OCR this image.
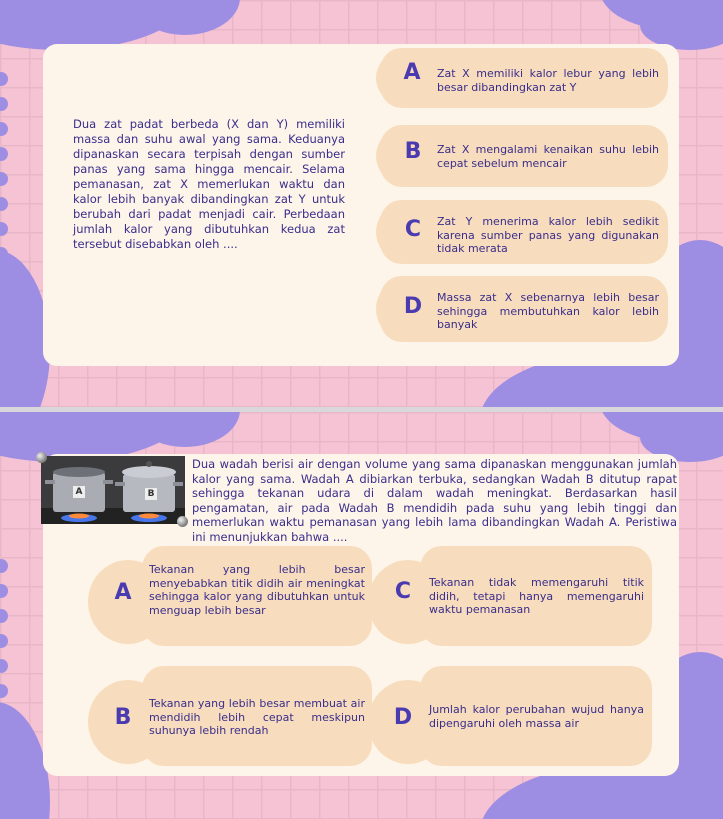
Dua zat padat berbeda (X dan Y) memiliki massa dan suhu awal yang sama. Keduanya dipanaskan secara terpisah dengan sumber panas yang sama hingga mencair. Selama pemanasan, zat X memerlukan waktu dan kalor lebih banyak dibandingkan zat Y untuk berubah dari padat menjadi cair. Perbedaan jumlah kalor yang dibutuhkan kedua zat tersebut disebabkan oleh ....
A	Zat X memiliki kalor lebur yang lebih besar dibandingkan zat Y
B	Zat X mengalami kenaikan suhu lebih cepat sebelum mencair
C	Zat Y menerima kalor lebih sedikit karena sumber panas yang digunakan tidak merata
D	Massa zat X sebenarnya lebih besar sehingga membutuhkan kalor lebih banyak
A	B
Dua wadah berisi air dengan volume yang sama dipanaskan menggunakan jumlah kalor yang sama. Wadah A dibiarkan terbuka, sedangkan Wadah B ditutup rapat sehingga tekanan udara di dalam wadah meningkat. Berdasarkan hasil pengamatan, air pada Wadah B mendidih pada suhu yang lebih tinggi dan memerlukan waktu pemanasan yang lebih lama dibandingkan Wadah A. Peristiwa ini menunjukkan bahwa ....
A
Tekanan yang lebih besar menyebabkan titik didih air meningkat sehingga kalor yang dibutuhkan untuk menguap lebih besar
C	Tekanan tidak memengaruhi titik didih, tetapi hanya memengaruhi waktu pemanasan
B
Tekanan yang lebih besar membuat air mendidih lebih cepat meskipun suhunya lebih rendah
D	Jumlah kalor perubahan wujud hanya dipengaruhi oleh massa air
